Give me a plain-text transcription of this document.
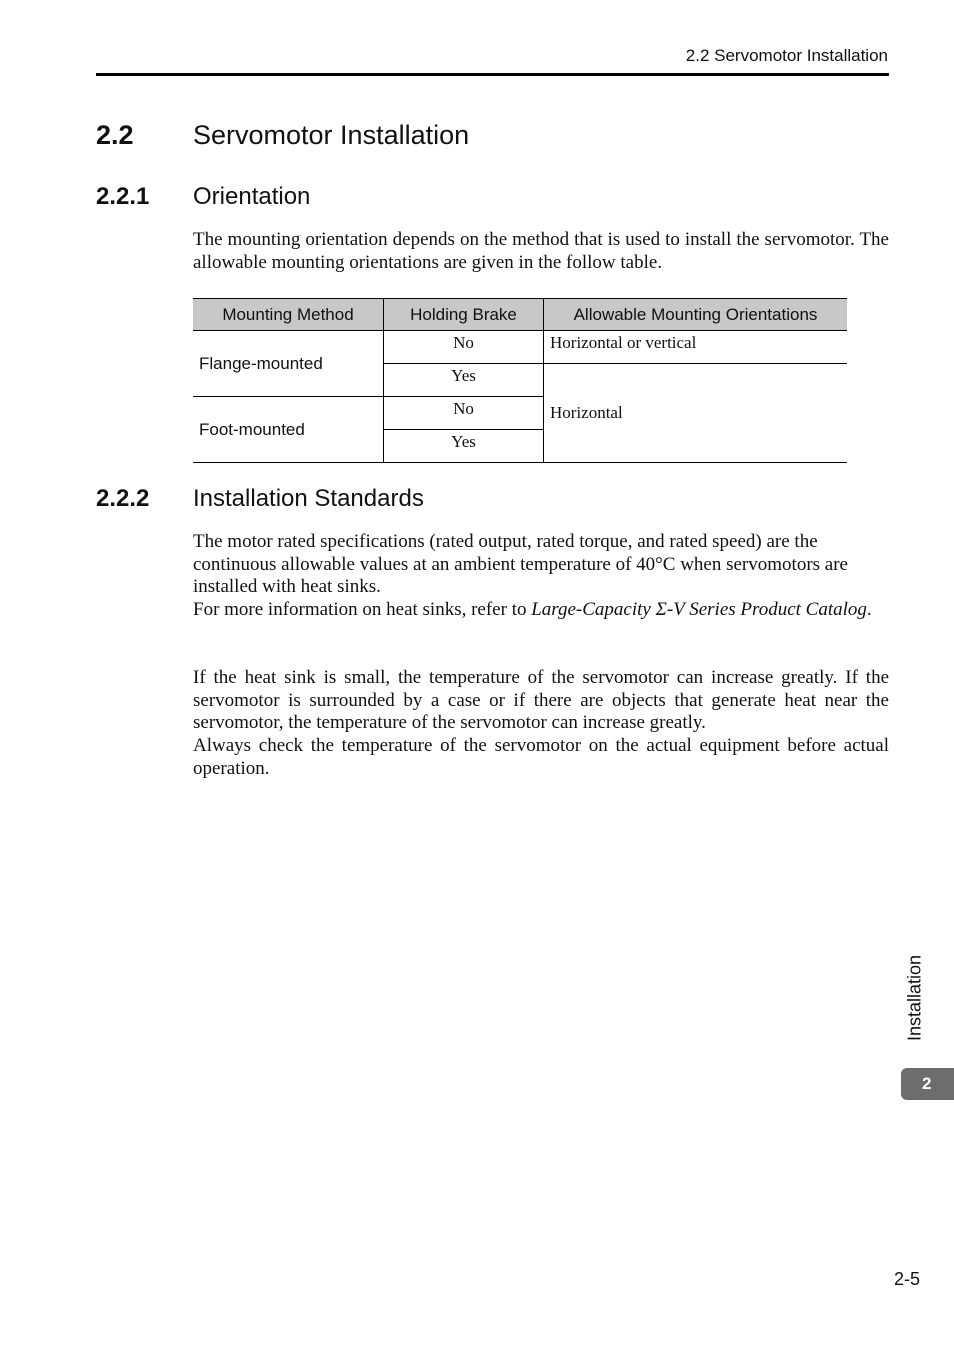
2.2 Servomotor Installation
2.2 Servomotor Installation
2.2.1 Orientation

The mounting orientation depends on the method that is used to install the servomotor. The allowable mounting orientations are given in the follow table.

Mounting Method	Holding Brake	Allowable Mounting Orientations
Flange-mounted	No	Horizontal or vertical
	Yes	Horizontal
Foot-mounted	No	
	Yes	
2.2.2 Installation Standards

The motor rated specifications (rated output, rated torque, and rated speed) are the continuous allowable values at an ambient temperature of 40°C when servomotors are installed with heat sinks.

For more information on heat sinks, refer to Large-Capacity Σ-V Series Product Catalog.

If the heat sink is small, the temperature of the servomotor can increase greatly. If the servomotor is surrounded by a case or if there are objects that generate heat near the servomotor, the temperature of the servomotor can increase greatly.

Always check the temperature of the servomotor on the actual equipment before actual operation.

Installation
2
2-5
